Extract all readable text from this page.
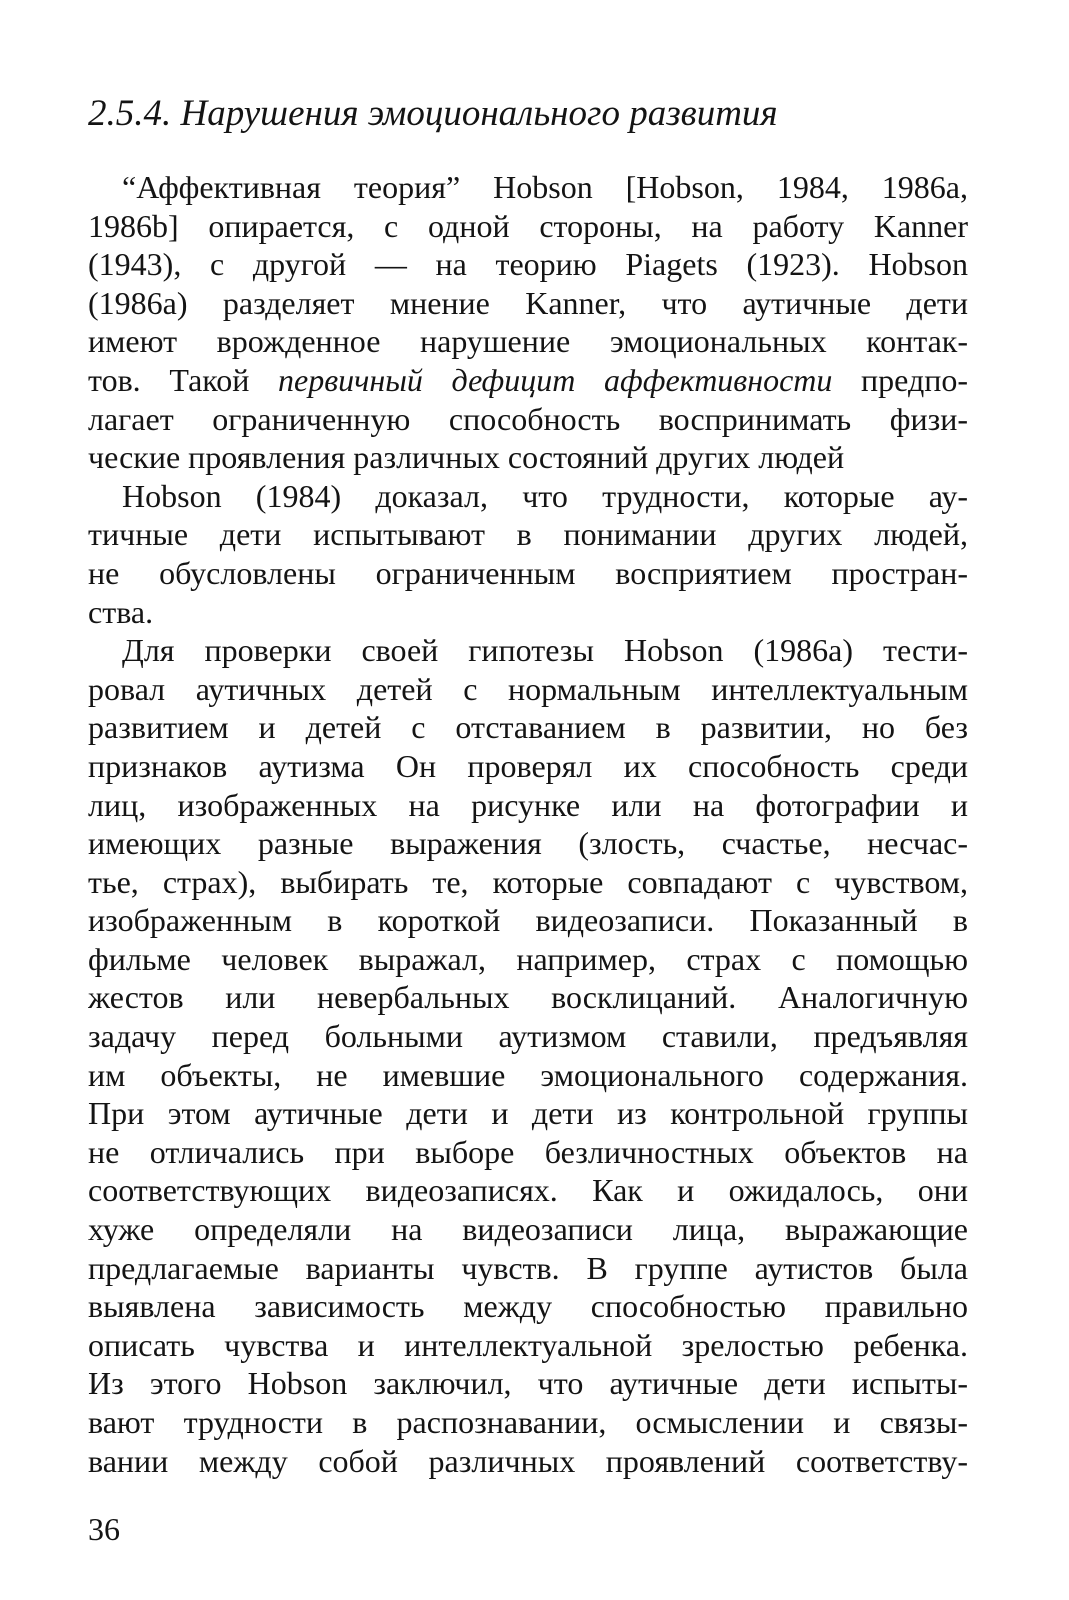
2.5.4. Нарушения эмоционального развития
“Аффективная теория” Hobson [Hobson, 1984, 1986а,
1986b] опирается, с одной стороны, на работу Kanner
(1943), с другой — на теорию Piagets (1923). Hobson
(1986a) разделяет мнение Kanner, что аутичные дети
имеют врожденное нарушение эмоциональных контак-
тов. Такой первичный дефицит аффективности предпо-
лагает ограниченную способность воспринимать физи-
ческие проявления различных состояний других людей
Hobson (1984) доказал, что трудности, которые ау-
тичные дети испытывают в понимании других людей,
не обусловлены ограниченным восприятием простран-
ства.
Для проверки своей гипотезы Hobson (1986a) тести-
ровал аутичных детей с нормальным интеллектуальным
развитием и детей с отставанием в развитии, но без
признаков аутизма Он проверял их способность среди
лиц, изображенных на рисунке или на фотографии и
имеющих разные выражения (злость, счастье, несчас-
тье, страх), выбирать те, которые совпадают с чувством,
изображенным в короткой видеозаписи. Показанный в
фильме человек выражал, например, страх с помощью
жестов или невербальных восклицаний. Аналогичную
задачу перед больными аутизмом ставили, предъявляя
им объекты, не имевшие эмоционального содержания.
При этом аутичные дети и дети из контрольной группы
не отличались при выборе безличностных объектов на
соответствующих видеозаписях. Как и ожидалось, они
хуже определяли на видеозаписи лица, выражающие
предлагаемые варианты чувств. В группе аутистов была
выявлена зависимость между способностью правильно
описать чувства и интеллектуальной зрелостью ребенка.
Из этого Hobson заключил, что аутичные дети испыты-
вают трудности в распознавании, осмыслении и связы-
вании между собой различных проявлений соответству-
36
